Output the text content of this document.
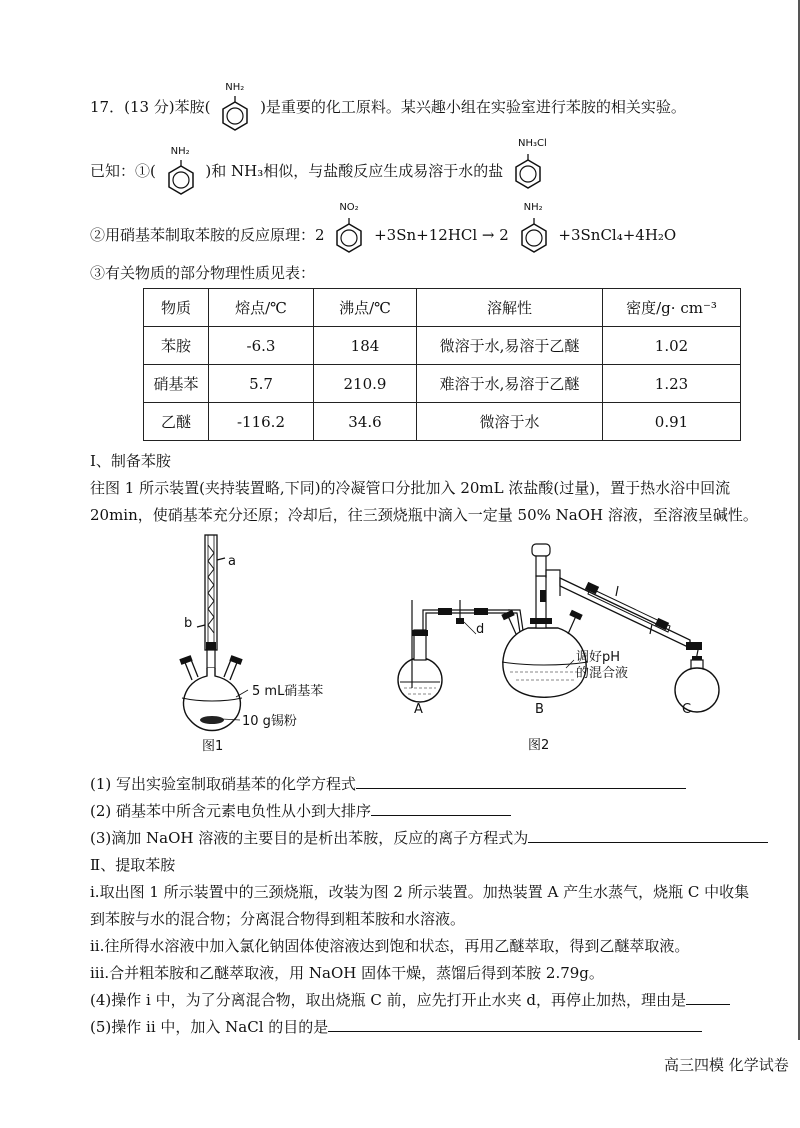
17．(13 分)苯胺(
NH₂
)是重要的化工原料。某兴趣小组在实验室进行苯胺的相关实验。
已知：①(
NH₂
)和 NH₃相似，与盐酸反应生成易溶于水的盐
NH₃Cl
②用硝基苯制取苯胺的反应原理：2
NO₂
+3Sn+12HCl → 2
NH₂
+3SnCl₄+4H₂O
③有关物质的部分物理性质见表：
物质	熔点/℃	沸点/℃	溶解性	密度/g· cm⁻³
苯胺	-6.3	184	微溶于水,易溶于乙醚	1.02
硝基苯	5.7	210.9	难溶于水,易溶于乙醚	1.23
乙醚	-116.2	34.6	微溶于水	0.91
Ⅰ、制备苯胺
往图 1 所示装置(夹持装置略,下同)的冷凝管口分批加入 20mL 浓盐酸(过量)，置于热水浴中回流
20min，使硝基苯充分还原；冷却后，往三颈烧瓶中滴入一定量 50% NaOH 溶液，至溶液呈碱性。
a
b
5 mL硝基苯
10 g锡粉
图1
d
调好pH
的混合液
A	B	C
图2
(1) 写出实验室制取硝基苯的化学方程式
(2) 硝基苯中所含元素电负性从小到大排序
(3)滴加 NaOH 溶液的主要目的是析出苯胺，反应的离子方程式为
Ⅱ、提取苯胺
i.取出图 1 所示装置中的三颈烧瓶，改装为图 2 所示装置。加热装置 A 产生水蒸气，烧瓶 C 中收集
到苯胺与水的混合物；分离混合物得到粗苯胺和水溶液。
ii.往所得水溶液中加入氯化钠固体使溶液达到饱和状态，再用乙醚萃取，得到乙醚萃取液。
iii.合并粗苯胺和乙醚萃取液，用 NaOH 固体干燥，蒸馏后得到苯胺 2.79g。
(4)操作 i 中，为了分离混合物，取出烧瓶 C 前，应先打开止水夹 d，再停止加热，理由是
(5)操作 ii 中，加入 NaCl 的目的是
高三四模 化学试卷
